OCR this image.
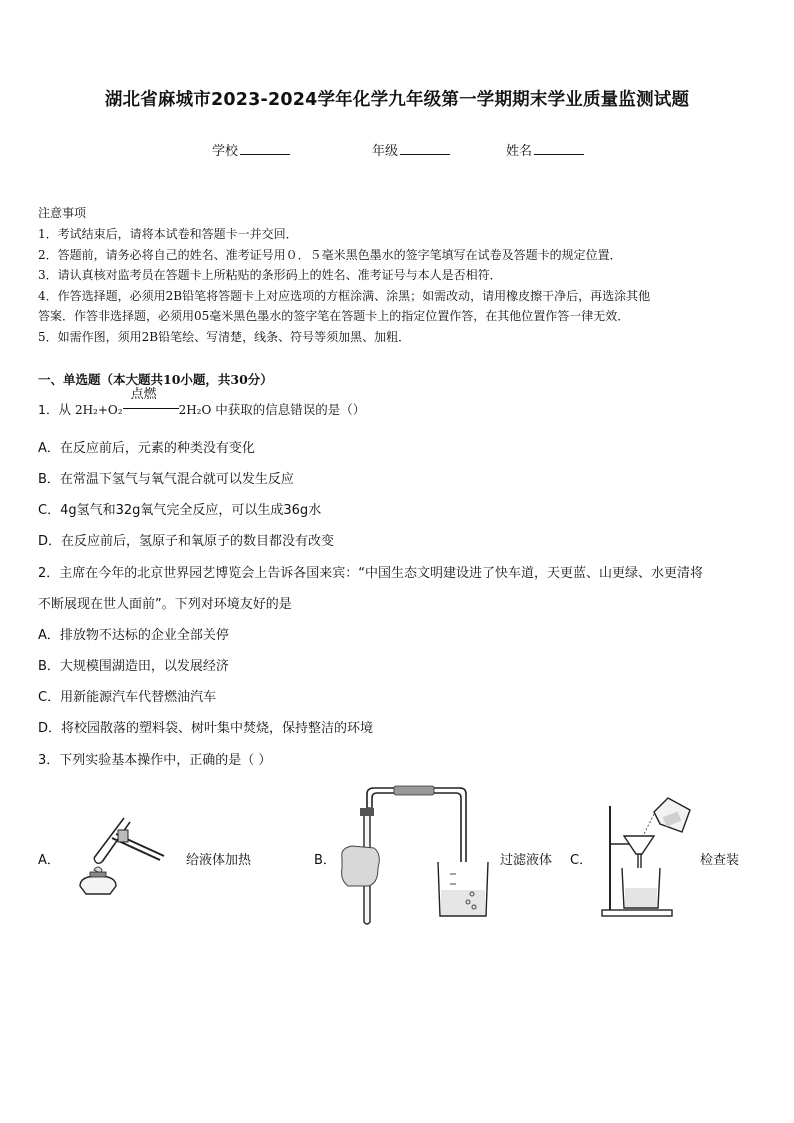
湖北省麻城市2023-2024学年化学九年级第一学期期末学业质量监测试题
学校	年级	姓名
注意事项
1．考试结束后，请将本试卷和答题卡一并交回．
2．答题前，请务必将自己的姓名、准考证号用０．５毫米黑色墨水的签字笔填写在试卷及答题卡的规定位置．
3．请认真核对监考员在答题卡上所粘贴的条形码上的姓名、准考证号与本人是否相符．
4．作答选择题，必须用2B铅笔将答题卡上对应选项的方框涂满、涂黑；如需改动，请用橡皮擦干净后，再选涂其他
答案．作答非选择题，必须用05毫米黑色墨水的签字笔在答题卡上的指定位置作答，在其他位置作答一律无效．
5．如需作图，须用2B铅笔绘、写清楚，线条、符号等须加黑、加粗．
一、单选题（本大题共10小题，共30分）
1．从 2H₂+O₂
点燃
2H₂O 中获取的信息错误的是（）
A．在反应前后，元素的种类没有变化
B．在常温下氢气与氧气混合就可以发生反应
C．4g氢气和32g氧气完全反应，可以生成36g水
D．在反应前后，氢原子和氧原子的数目都没有改变
2．主席在今年的北京世界园艺博览会上告诉各国来宾：“中国生态文明建设进了快车道，天更蓝、山更绿、水更清将
不断展现在世人面前”。下列对环境友好的是
A．排放物不达标的企业全部关停
B．大规模围湖造田，以发展经济
C．用新能源汽车代替燃油汽车
D．将校园散落的塑料袋、树叶集中焚烧，保持整洁的环境
3．下列实验基本操作中，正确的是（ ）
A．	给液体加热	B．	过滤液体 C．	检查装
